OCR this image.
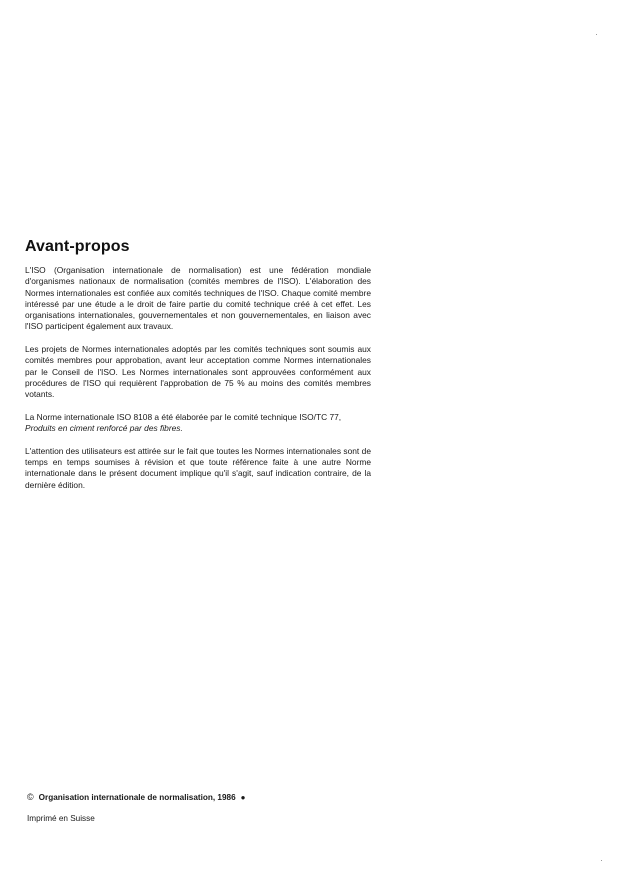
Avant-propos

L'ISO (Organisation internationale de normalisation) est une fédération mondiale d'organismes nationaux de normalisation (comités membres de l'ISO). L'élaboration des Normes internationales est confiée aux comités techniques de l'ISO. Chaque comité membre intéressé par une étude a le droit de faire partie du comité technique créé à cet effet. Les organisations internationales, gouvernementales et non gouvernementales, en liaison avec l'ISO participent également aux travaux.

Les projets de Normes internationales adoptés par les comités techniques sont soumis aux comités membres pour approbation, avant leur acceptation comme Normes internationales par le Conseil de l'ISO. Les Normes internationales sont approuvées conformément aux procédures de l'ISO qui requièrent l'approbation de 75 % au moins des comités membres votants.

La Norme internationale ISO 8108 a été élaborée par le comité technique ISO/TC 77,
Produits en ciment renforcé par des fibres.

L'attention des utilisateurs est attirée sur le fait que toutes les Normes internationales sont de temps en temps soumises à révision et que toute référence faite à une autre Norme internationale dans le présent document implique qu'il s'agit, sauf indication contraire, de la dernière édition.

© Organisation internationale de normalisation, 1986 ●
Imprimé en Suisse
